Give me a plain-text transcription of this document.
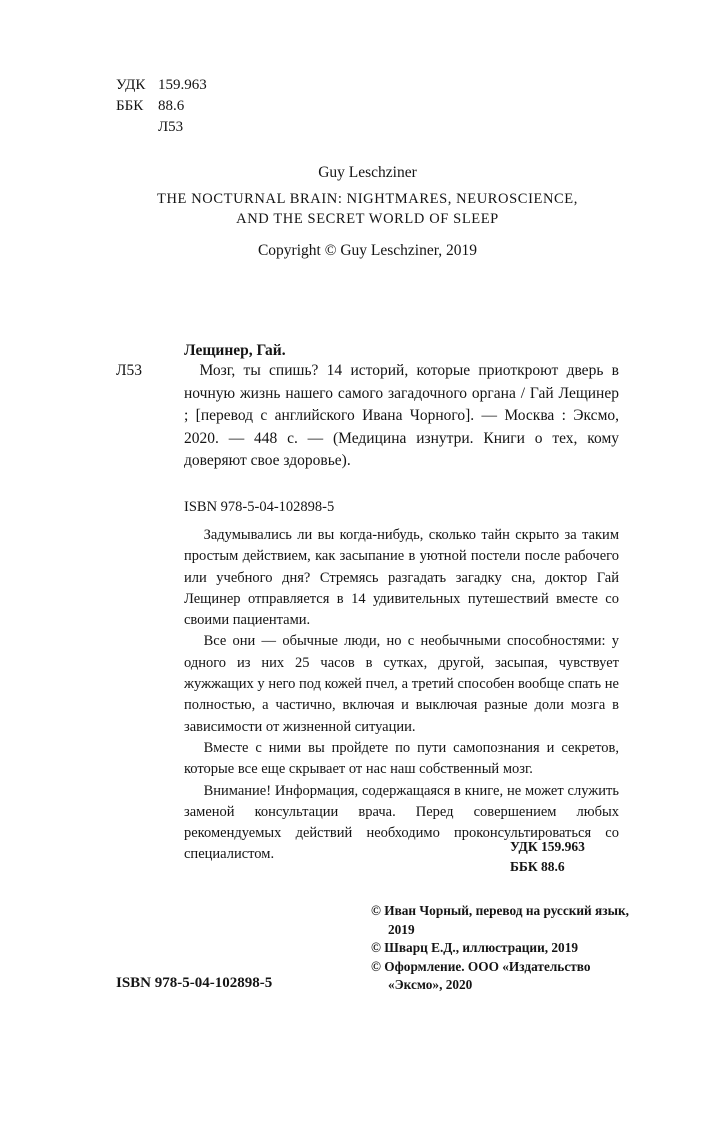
УДК 159.963
ББК 88.6
Л53
Guy Leschziner
THE NOCTURNAL BRAIN: NIGHTMARES, NEUROSCIENCE,
AND THE SECRET WORLD OF SLEEP
Copyright © Guy Leschziner, 2019
Лещинер, Гай.
Л53	Мозг, ты спишь? 14 историй, которые приоткроют дверь в ночную жизнь нашего самого загадочного органа / Гай Лещинер ; [перевод с английского Ивана Чорного]. — Москва : Эксмо, 2020. — 448 с. — (Медицина изнутри. Книги о тех, кому доверяют свое здоровье).

ISBN 978-5-04-102898-5

Задумывались ли вы когда-нибудь, сколько тайн скрыто за таким простым действием, как засыпание в уютной постели после рабочего или учебного дня? Стремясь разгадать загадку сна, доктор Гай Лещинер отправляется в 14 удивительных путешествий вместе со своими пациентами.

Все они — обычные люди, но с необычными способностями: у одного из них 25 часов в сутках, другой, засыпая, чувствует жужжащих у него под кожей пчел, а третий способен вообще спать не полностью, а частично, включая и выключая разные доли мозга в зависимости от жизненной ситуации.

Вместе с ними вы пройдете по пути самопознания и секретов, которые все еще скрывает от нас наш собственный мозг.

Внимание! Информация, содержащаяся в книге, не может служить заменой консультации врача. Перед совершением любых рекомендуемых действий необходимо проконсультироваться со специалистом.	УДК 159.963
ББК 88.6
© Иван Чорный, перевод на русский язык, 2019
© Шварц Е.Д., иллюстрации, 2019
© Оформление. ООО «Издательство «Эксмо», 2020
ISBN 978-5-04-102898-5
